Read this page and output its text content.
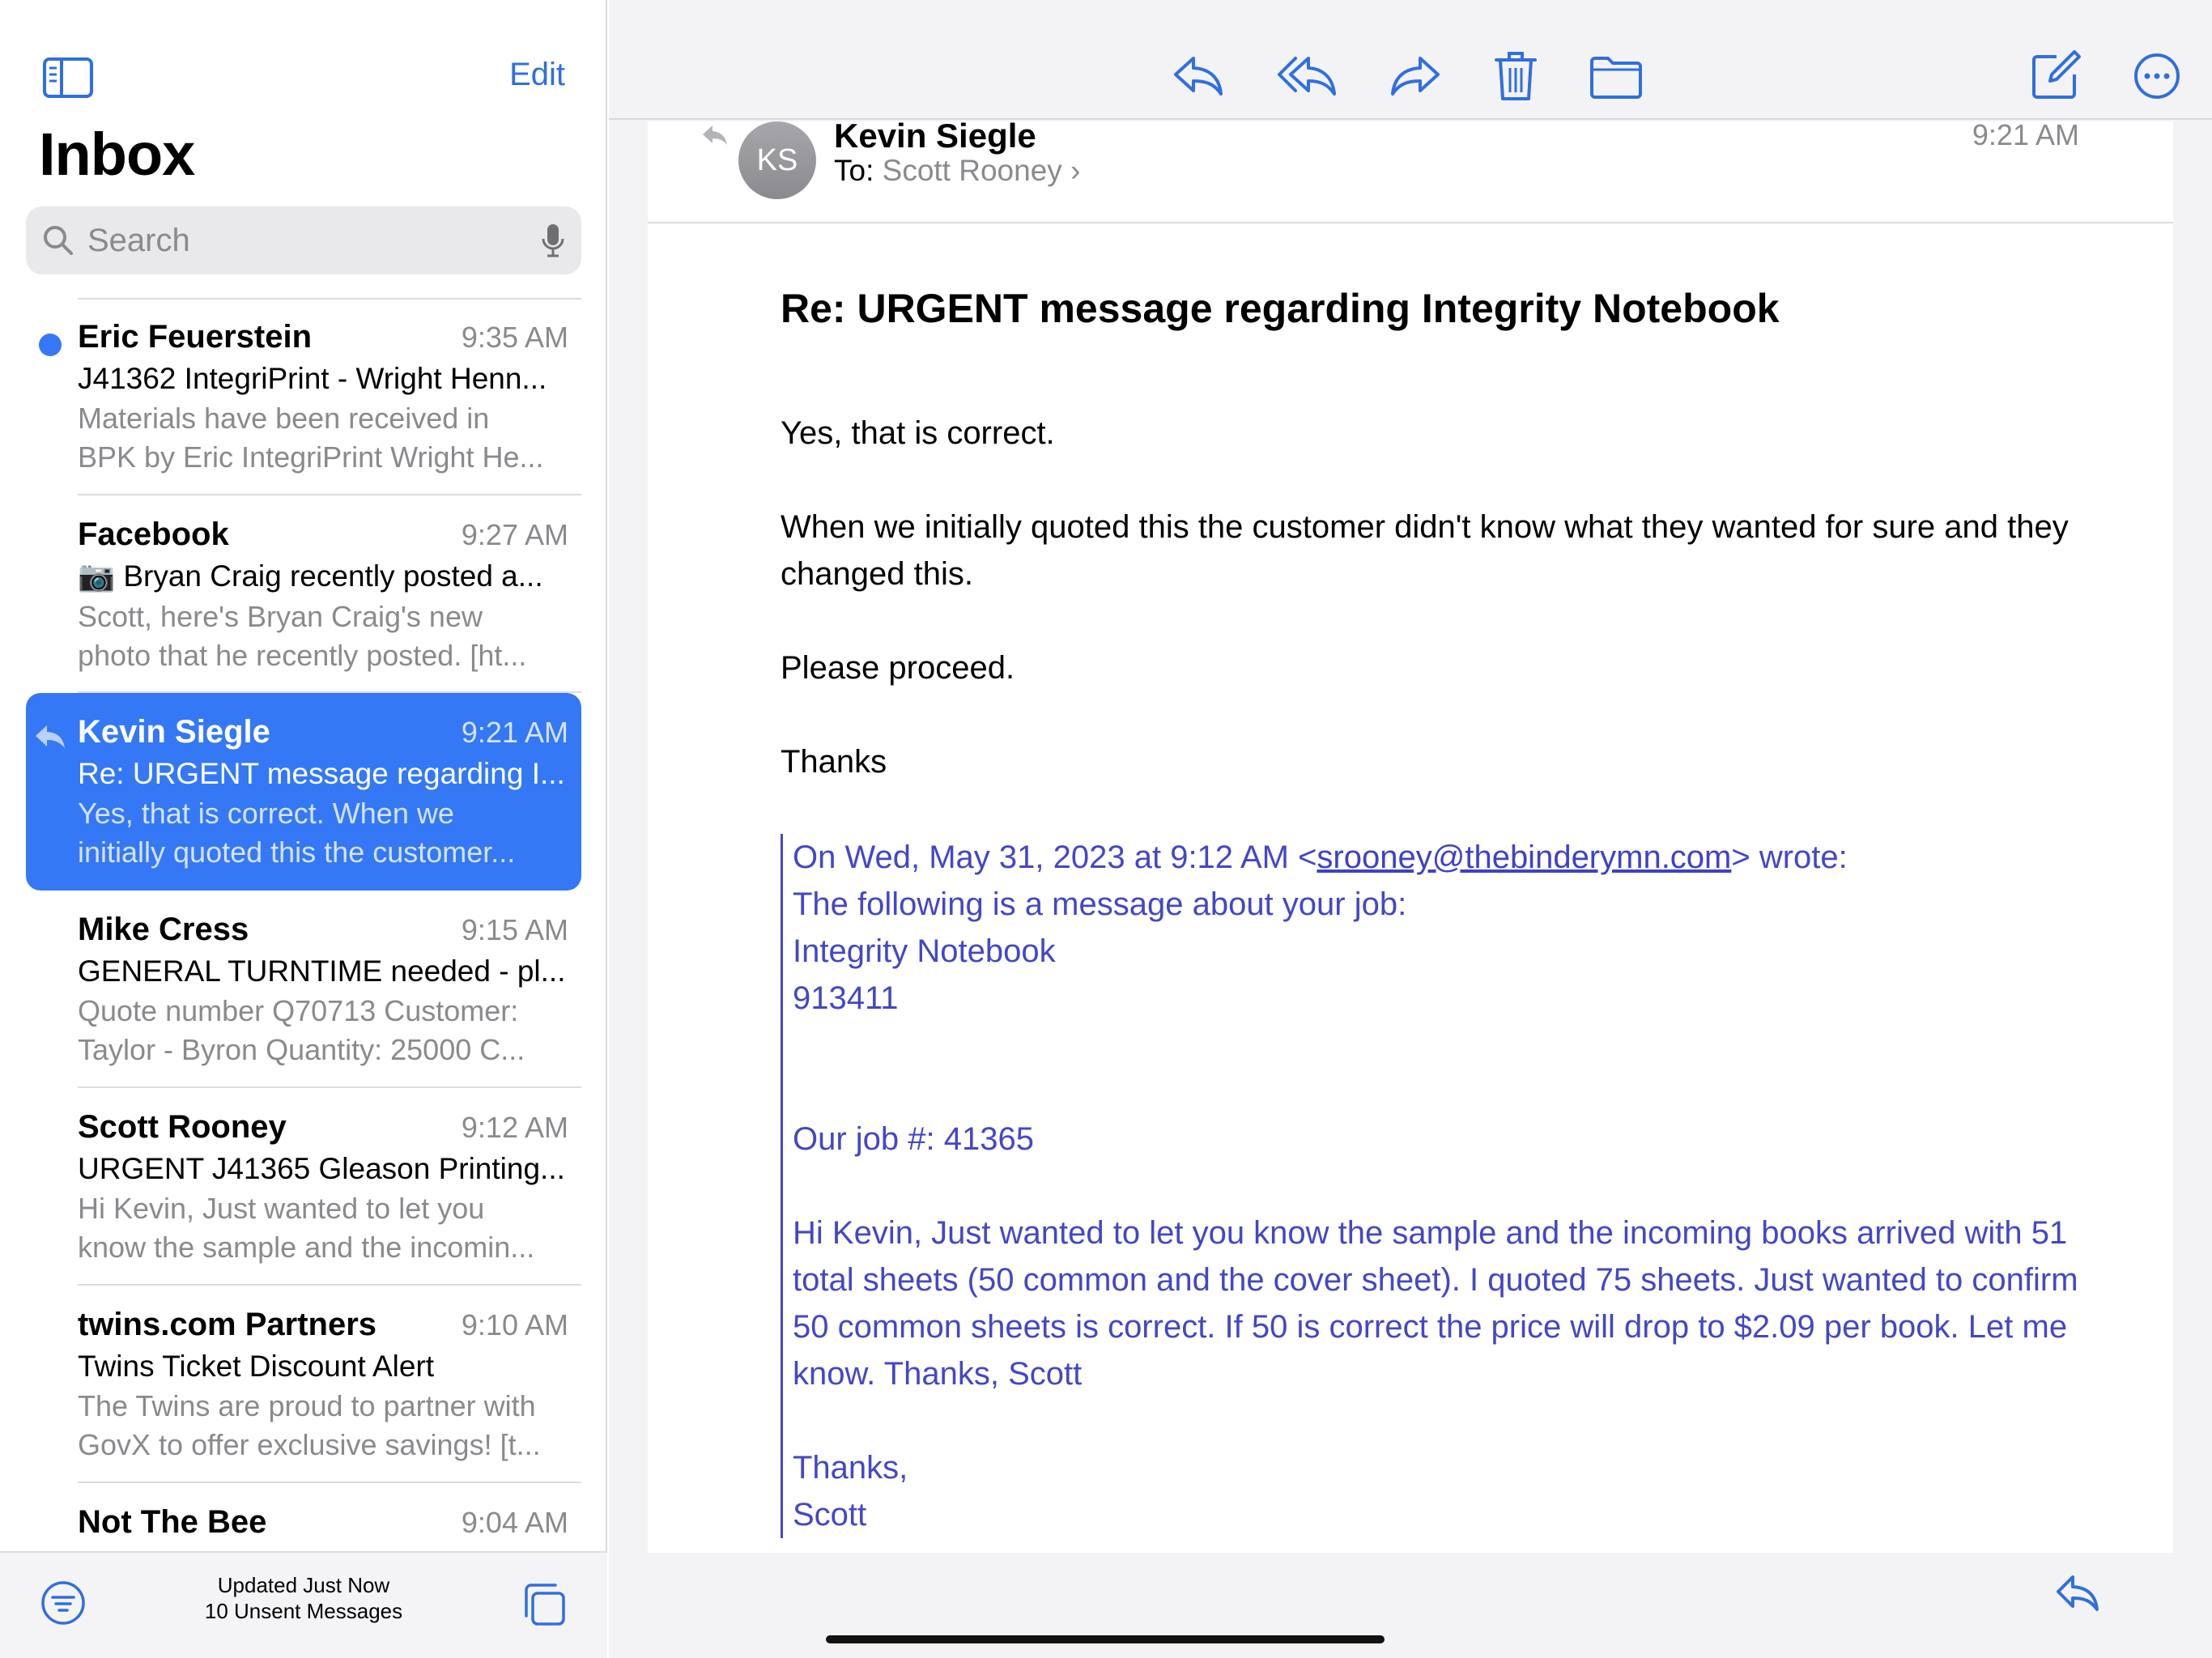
Edit
Inbox
Search
Eric Feuerstein	9:35 AM
J41362 IntegriPrint - Wright Henn...
Materials have been received in
BPK by Eric IntegriPrint Wright He...
Facebook	9:27 AM
📷 Bryan Craig recently posted a...
Scott, here's Bryan Craig's new
photo that he recently posted. [ht...
Kevin Siegle	9:21 AM
Re: URGENT message regarding I...
Yes, that is correct. When we
initially quoted this the customer...
Mike Cress	9:15 AM
GENERAL TURNTIME needed - pl...
Quote number Q70713 Customer:
Taylor - Byron Quantity: 25000 C...
Scott Rooney	9:12 AM
URGENT J41365 Gleason Printing...
Hi Kevin, Just wanted to let you
know the sample and the incomin...
twins.com Partners	9:10 AM
Twins Ticket Discount Alert
The Twins are proud to partner with
GovX to offer exclusive savings! [t...
Not The Bee	9:04 AM
Updated Just Now
10 Unsent Messages
KS
Kevin Siegle
To: Scott Rooney ›
9:21 AM
Re: URGENT message regarding Integrity Notebook

Yes, that is correct.

When we initially quoted this the customer didn't know what they wanted for sure and they changed this.

Please proceed.

Thanks

On Wed, May 31, 2023 at 9:12 AM <srooney@thebinderymn.com> wrote:

The following is a message about your job:

Integrity Notebook

913411

Our job #: 41365

Hi Kevin, Just wanted to let you know the sample and the incoming books arrived with 51 total sheets (50 common and the cover sheet). I quoted 75 sheets. Just wanted to confirm 50 common sheets is correct. If 50 is correct the price will drop to $2.09 per book. Let me know. Thanks, Scott

Thanks,

Scott
